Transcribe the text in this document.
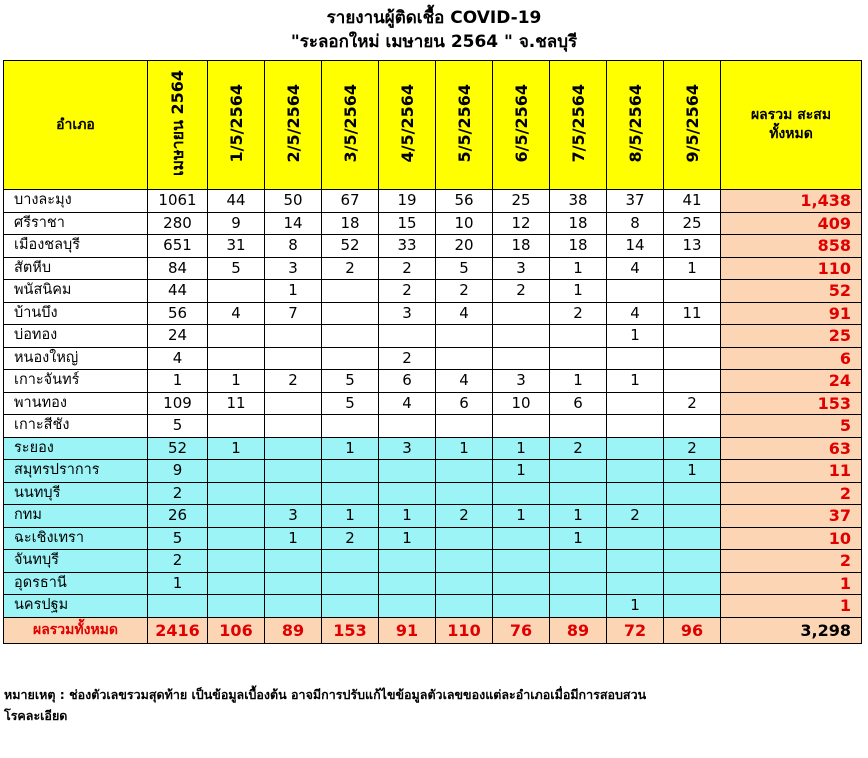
รายงานผู้ติดเชื้อ COVID-19
"ระลอกใหม่ เมษายน 2564 " จ.ชลบุรี
อำเภอ	เมษายน 2564	1/5/2564	2/5/2564	3/5/2564	4/5/2564	5/5/2564	6/5/2564	7/5/2564	8/5/2564	9/5/2564	ผลรวม สะสม
ทั้งหมด

บางละมุง	1061	44	50	67	19	56	25	38	37	41	1,438
ศรีราชา	280	9	14	18	15	10	12	18	8	25	409
เมืองชลบุรี	651	31	8	52	33	20	18	18	14	13	858
สัตหีบ	84	5	3	2	2	5	3	1	4	1	110
พนัสนิคม	44		1		2	2	2	1			52
บ้านบึง	56	4	7		3	4		2	4	11	91
บ่อทอง	24								1		25
หนองใหญ่	4				2						6
เกาะจันทร์	1	1	2	5	6	4	3	1	1		24
พานทอง	109	11		5	4	6	10	6		2	153
เกาะสีชัง	5										5
ระยอง	52	1		1	3	1	1	2		2	63
สมุทรปราการ	9						1			1	11
นนทบุรี	2										2
กทม	26		3	1	1	2	1	1	2		37
ฉะเชิงเทรา	5		1	2	1			1			10
จันทบุรี	2										2
อุดรธานี	1										1
นครปฐม									1		1
ผลรวมทั้งหมด	2416	106	89	153	91	110	76	89	72	96	3,298
หมายเหตุ : ช่องตัวเลขรวมสุดท้าย เป็นข้อมูลเบื้องต้น อาจมีการปรับแก้ไขข้อมูลตัวเลขของแต่ละอำเภอเมื่อมีการสอบสวน
โรคละเอียด
